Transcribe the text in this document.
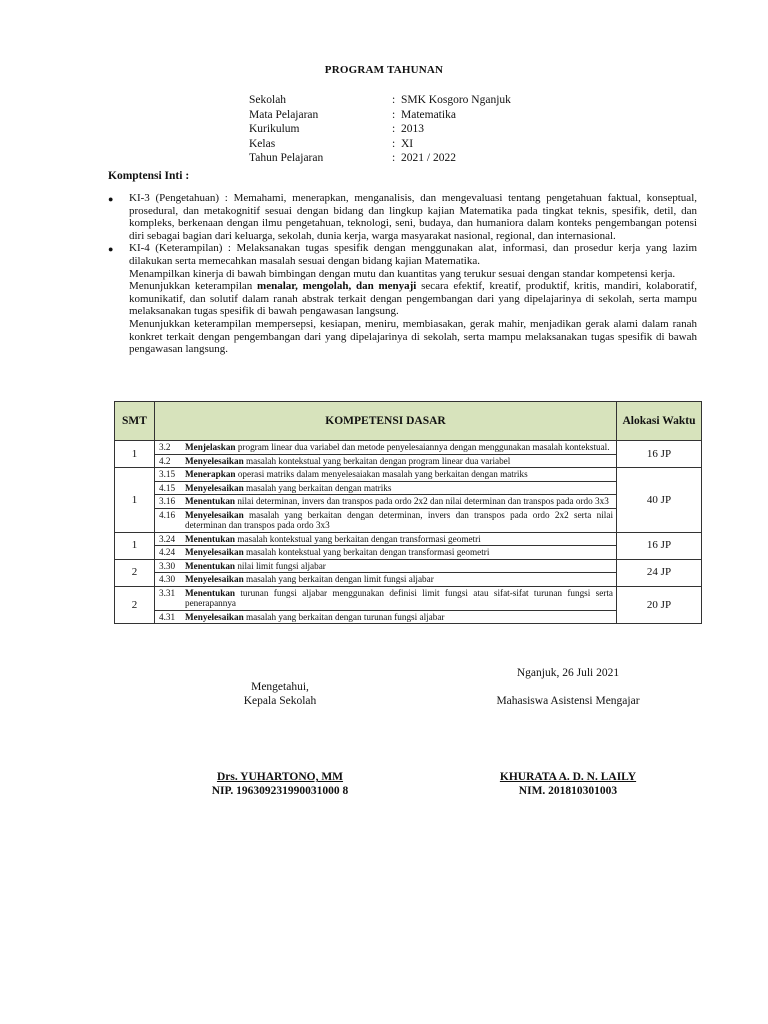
PROGRAM TAHUNAN
Sekolah	: SMK Kosgoro Nganjuk
Mata Pelajaran	: Matematika
Kurikulum	: 2013
Kelas	: XI
Tahun Pelajaran	: 2021 / 2022
Komptensi Inti :
●	KI-3 (Pengetahuan) : Memahami, menerapkan, menganalisis, dan mengevaluasi tentang pengetahuan faktual, konseptual, prosedural, dan metakognitif sesuai dengan bidang dan lingkup kajian Matematika pada tingkat teknis, spesifik, detil, dan kompleks, berkenaan dengan ilmu pengetahuan, teknologi, seni, budaya, dan humaniora dalam konteks pengembangan potensi diri sebagai bagian dari keluarga, sekolah, dunia kerja, warga masyarakat nasional, regional, dan internasional.
●	KI-4 (Keterampilan) : Melaksanakan tugas spesifik dengan menggunakan alat, informasi, dan prosedur kerja yang lazim dilakukan serta memecahkan masalah sesuai dengan bidang kajian Matematika.
Menampilkan kinerja di bawah bimbingan dengan mutu dan kuantitas yang terukur sesuai dengan standar kompetensi kerja.
Menunjukkan keterampilan menalar, mengolah, dan menyaji secara efektif, kreatif, produktif, kritis, mandiri, kolaboratif, komunikatif, dan solutif dalam ranah abstrak terkait dengan pengembangan dari yang dipelajarinya di sekolah, serta mampu melaksanakan tugas spesifik di bawah pengawasan langsung.
Menunjukkan keterampilan mempersepsi, kesiapan, meniru, membiasakan, gerak mahir, menjadikan gerak alami dalam ranah konkret terkait dengan pengembangan dari yang dipelajarinya di sekolah, serta mampu melaksanakan tugas spesifik di bawah pengawasan langsung.
SMT	KOMPETENSI DASAR	Alokasi Waktu
1	3.2 Menjelaskan program linear dua variabel dan metode penyelesaiannya dengan menggunakan masalah kontekstual.	16 JP

	4.2 Menyelesaikan masalah kontekstual yang berkaitan dengan program linear dua variabel	

1	3.15 Menerapkan operasi matriks dalam menyelesaiakan masalah yang berkaitan dengan matriks	40 JP

	4.15 Menyelesaikan masalah yang berkaitan dengan matriks	

	3.16 Menentukan nilai determinan, invers dan transpos pada ordo 2x2 dan nilai determinan dan transpos pada ordo 3x3	

	4.16 Menyelesaikan masalah yang berkaitan dengan determinan, invers dan transpos pada ordo 2x2 serta nilai determinan dan transpos pada ordo 3x3	

1	3.24 Menentukan masalah kontekstual yang berkaitan dengan transformasi geometri	16 JP

	4.24 Menyelesaikan masalah kontekstual yang berkaitan dengan transformasi geometri	

2	3.30 Menentukan nilai limit fungsi aljabar	24 JP

	4.30 Menyelesaikan masalah yang berkaitan dengan limit fungsi aljabar	

2	3.31 Menentukan turunan fungsi aljabar menggunakan definisi limit fungsi atau sifat-sifat turunan fungsi serta penerapannya	20 JP

	4.31 Menyelesaikan masalah yang berkaitan dengan turunan fungsi aljabar	
Nganjuk, 26 Juli 2021
Mengetahui,
Kepala Sekolah	Mahasiswa Asistensi Mengajar
Drs. YUHARTONO, MM	KHURATA A. D. N. LAILY
NIP. 196309231990031000 8	NIM. 201810301003
